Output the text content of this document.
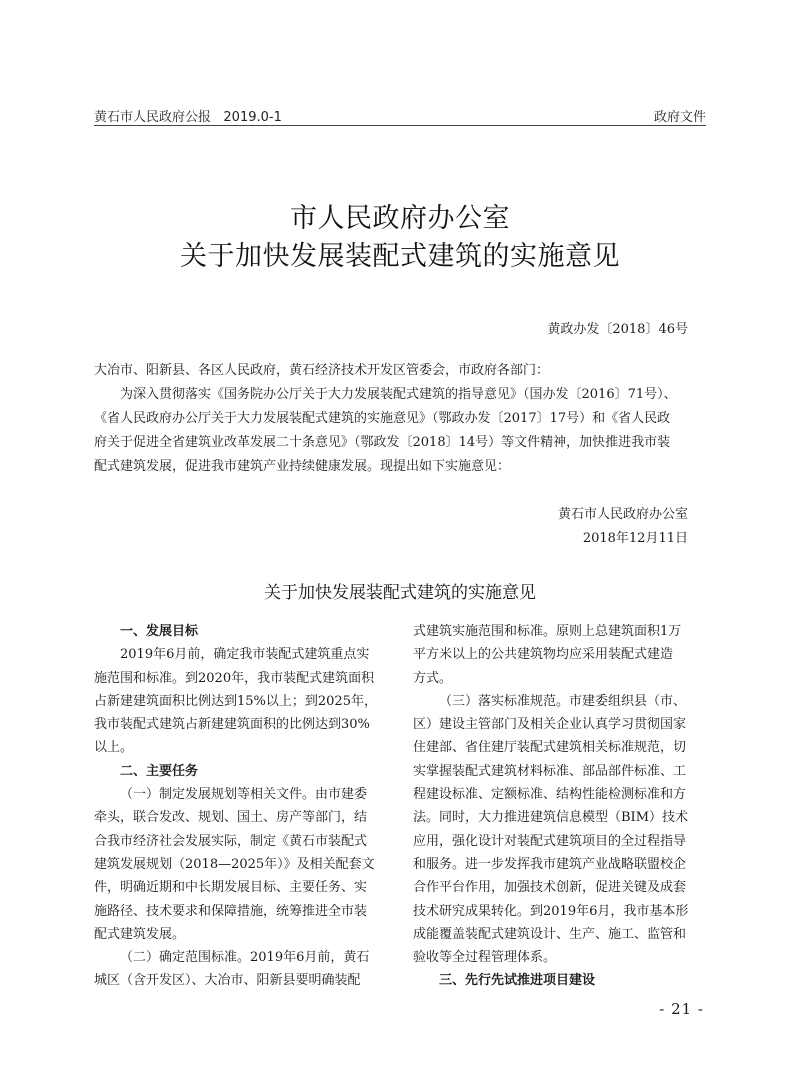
黄石市人民政府公报   2019.0-1	政府文件
市人民政府办公室
关于加快发展装配式建筑的实施意见
黄政办发〔2018〕46号
大冶市、阳新县、各区人民政府，黄石经济技术开发区管委会，市政府各部门：
为深入贯彻落实《国务院办公厅关于大力发展装配式建筑的指导意见》（国办发〔2016〕71号）、
《省人民政府办公厅关于大力发展装配式建筑的实施意见》（鄂政办发〔2017〕17号）和《省人民政
府关于促进全省建筑业改革发展二十条意见》（鄂政发〔2018〕14号）等文件精神，加快推进我市装
配式建筑发展，促进我市建筑产业持续健康发展。现提出如下实施意见：
黄石市人民政府办公室
2018年12月11日
关于加快发展装配式建筑的实施意见
一、发展目标
2019年6月前，确定我市装配式建筑重点实
施范围和标准。到2020年，我市装配式建筑面积
占新建建筑面积比例达到15%以上；到2025年，
我市装配式建筑占新建建筑面积的比例达到30%
以上。
二、主要任务
（一）制定发展规划等相关文件。由市建委
牵头，联合发改、规划、国土、房产等部门，结
合我市经济社会发展实际，制定《黄石市装配式
建筑发展规划（2018—2025年）》及相关配套文
件，明确近期和中长期发展目标、主要任务、实
施路径、技术要求和保障措施，统筹推进全市装
配式建筑发展。
（二）确定范围标准。2019年6月前，黄石
城区（含开发区）、大冶市、阳新县要明确装配
式建筑实施范围和标准。原则上总建筑面积1万
平方米以上的公共建筑物均应采用装配式建造
方式。
（三）落实标准规范。市建委组织县（市、
区）建设主管部门及相关企业认真学习贯彻国家
住建部、省住建厅装配式建筑相关标准规范，切
实掌握装配式建筑材料标准、部品部件标准、工
程建设标准、定额标准、结构性能检测标准和方
法。同时，大力推进建筑信息模型（BIM）技术
应用，强化设计对装配式建筑项目的全过程指导
和服务。进一步发挥我市建筑产业战略联盟校企
合作平台作用，加强技术创新，促进关键及成套
技术研究成果转化。到2019年6月，我市基本形
成能覆盖装配式建筑设计、生产、施工、监管和
验收等全过程管理体系。
三、先行先试推进项目建设
- 21 -
